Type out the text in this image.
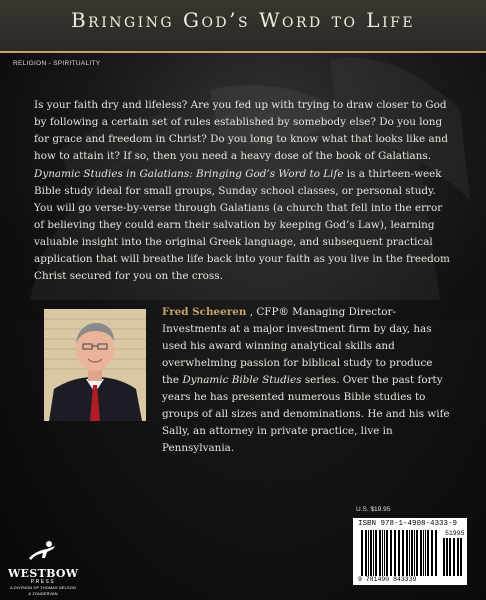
Bringing God’s Word to Life
RELIGION - SPIRITUALITY

Is your faith dry and lifeless? Are you fed up with trying to draw closer to God by following a certain set of rules established by somebody else? Do you long for grace and freedom in Christ? Do you long to know what that looks like and how to attain it? If so, then you need a heavy dose of the book of Galatians.

Dynamic Studies in Galatians: Bringing God’s Word to Life is a thirteen-week Bible study ideal for small groups, Sunday school classes, or personal study. You will go verse-by-verse through Galatians (a church that fell into the error of believing they could earn their salvation by keeping God’s Law), learning valuable insight into the original Greek language, and subsequent practical application that will breathe life back into your faith as you live in the freedom Christ secured for you on the cross.

Fred Scheeren , CFP® Managing Director-Investments at a major investment firm by day, has used his award winning analytical skills and overwhelming passion for biblical study to produce the Dynamic Bible Studies series. Over the past forty years he has presented numerous Bible studies to groups of all sizes and denominations. He and his wife Sally, an attorney in private practice, live in Pennsylvania.
WESTBOW
PRESS
A DIVISION OF THOMAS NELSON
& ZONDERVAN
U.S. $19.95
ISBN 978-1-4908-4333-9
51995
9 781490 843339
